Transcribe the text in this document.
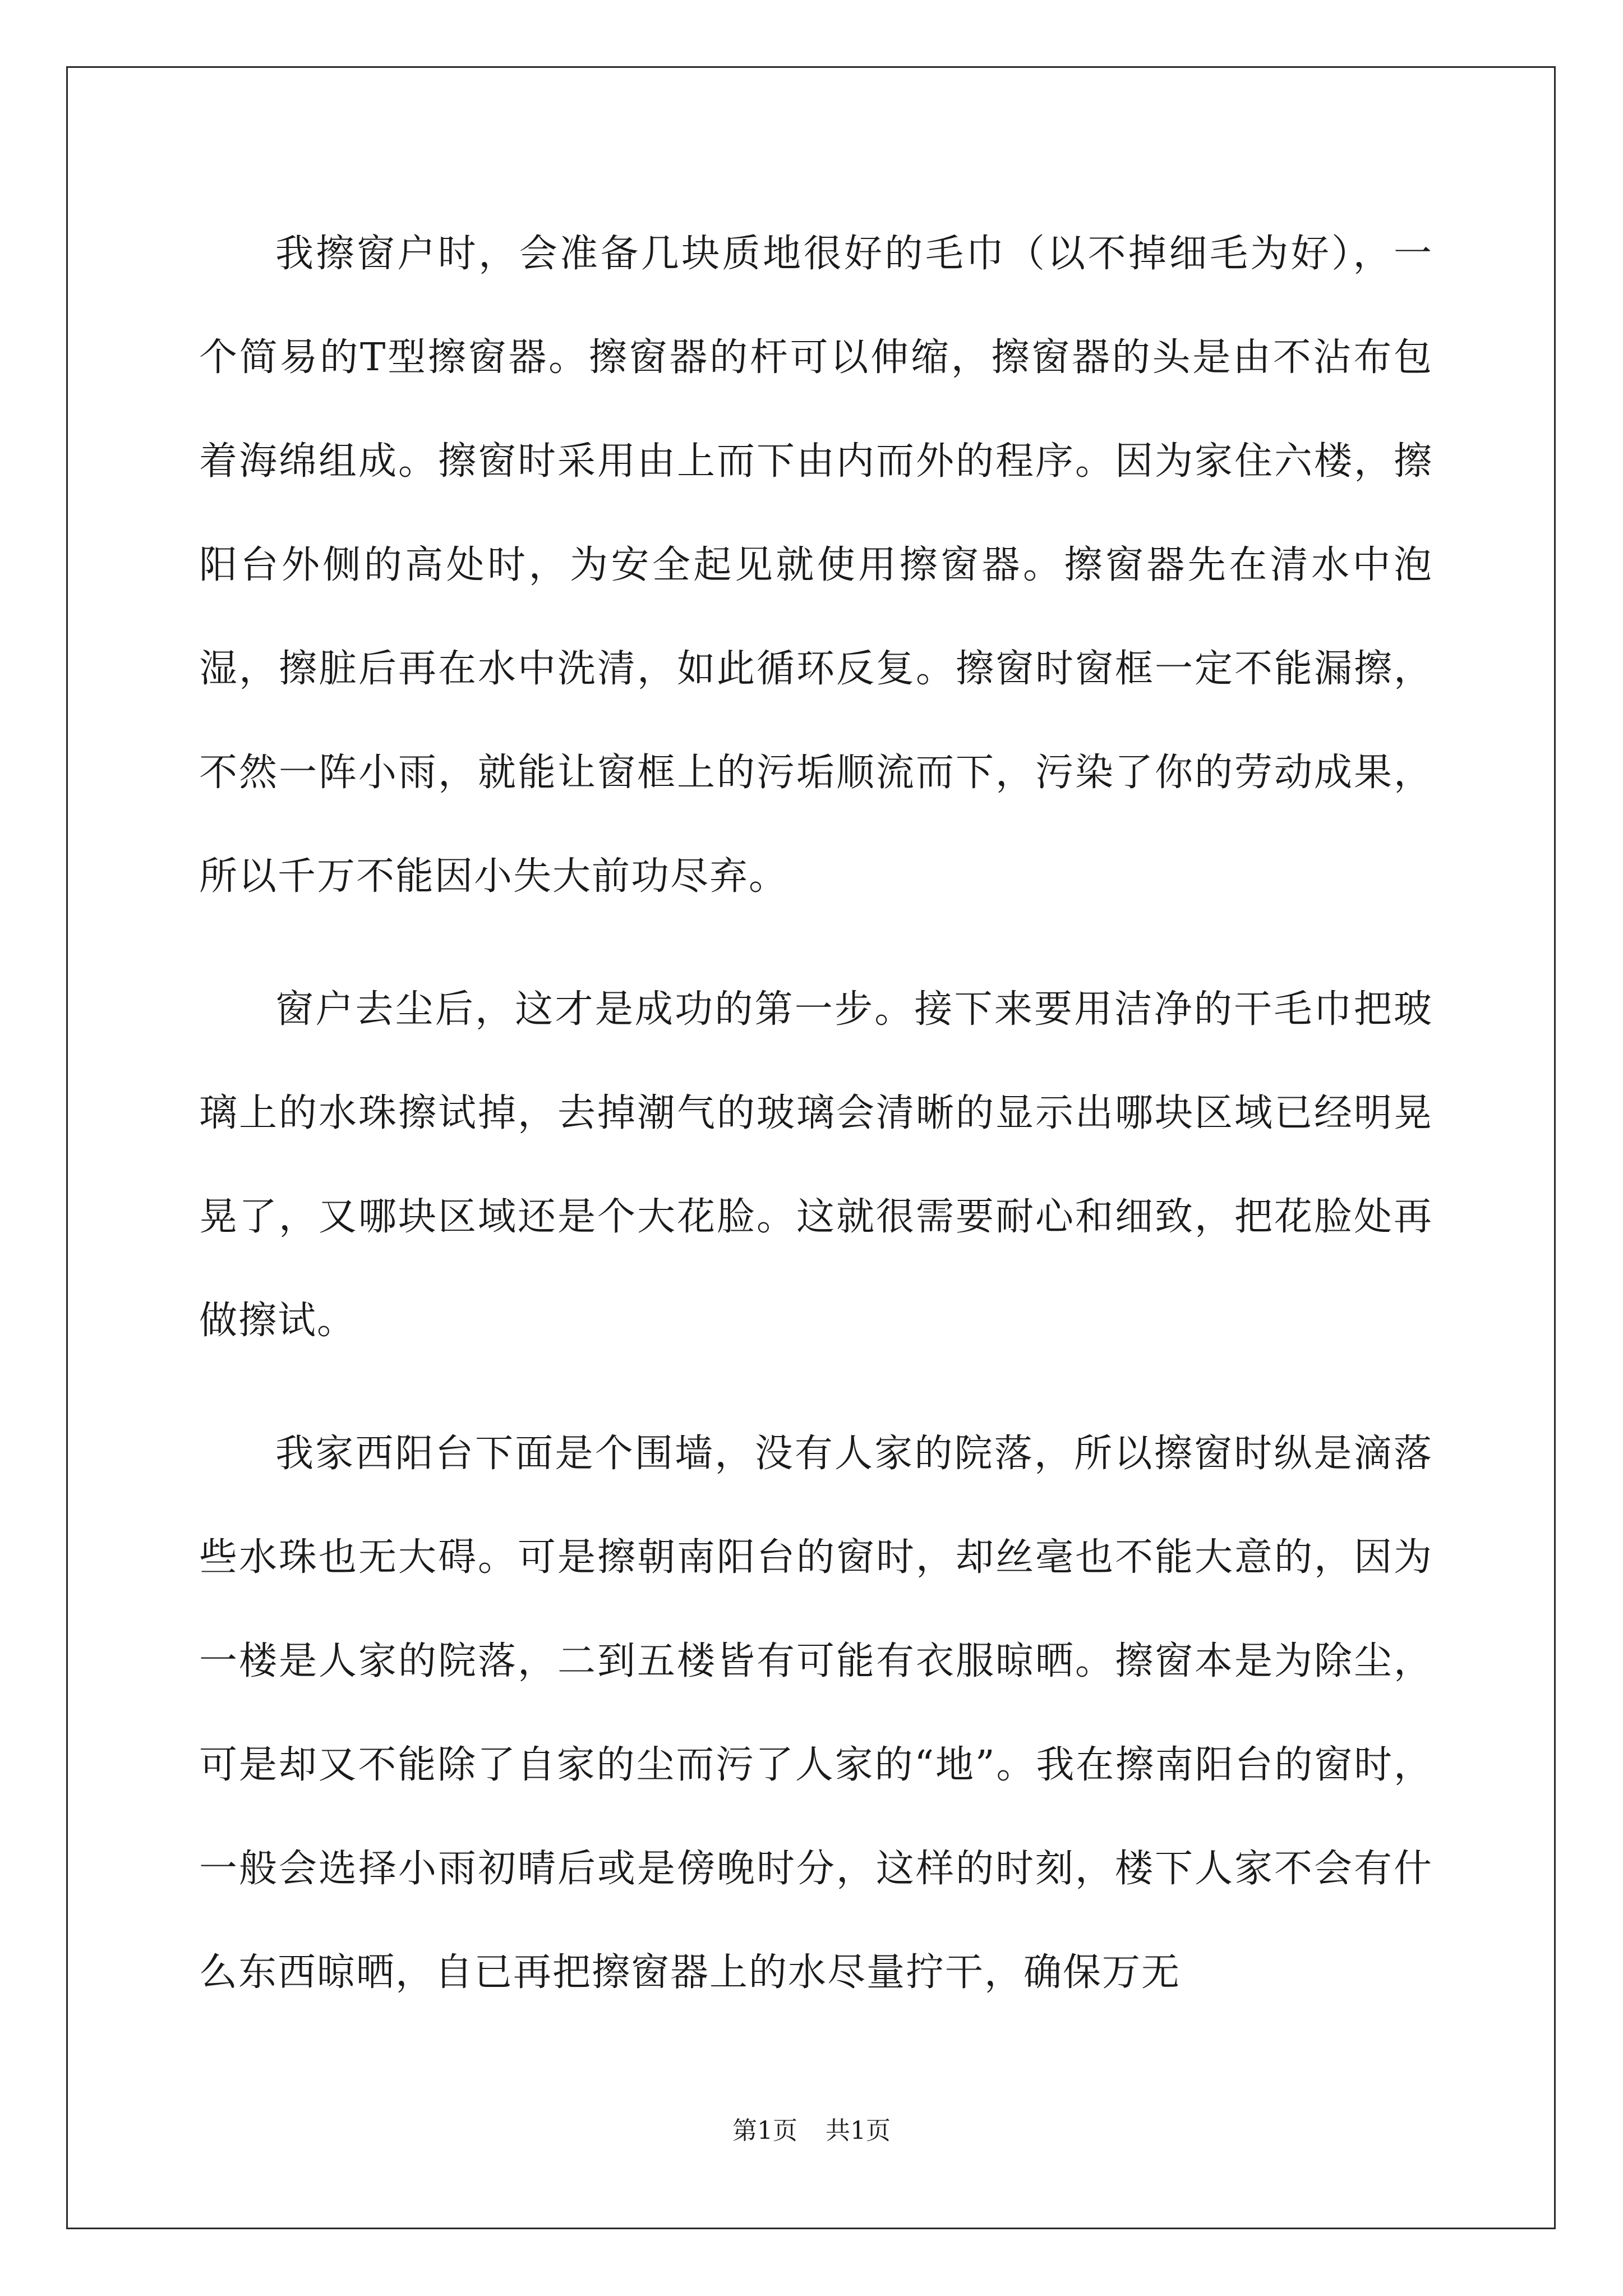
我擦窗户时，会准备几块质地很好的毛巾（以不掉细毛为好），一个简易的T型擦窗器。擦窗器的杆可以伸缩，擦窗器的头是由不沾布包着海绵组成。擦窗时采用由上而下由内而外的程序。因为家住六楼，擦阳台外侧的高处时，为安全起见就使用擦窗器。擦窗器先在清水中泡湿，擦脏后再在水中洗清，如此循环反复。擦窗时窗框一定不能漏擦，不然一阵小雨，就能让窗框上的污垢顺流而下，污染了你的劳动成果，所以千万不能因小失大前功尽弃。

窗户去尘后，这才是成功的第一步。接下来要用洁净的干毛巾把玻璃上的水珠擦试掉，去掉潮气的玻璃会清晰的显示出哪块区域已经明晃晃了，又哪块区域还是个大花脸。这就很需要耐心和细致，把花脸处再做擦试。

我家西阳台下面是个围墙，没有人家的院落，所以擦窗时纵是滴落些水珠也无大碍。可是擦朝南阳台的窗时，却丝毫也不能大意的，因为一楼是人家的院落，二到五楼皆有可能有衣服晾晒。擦窗本是为除尘，可是却又不能除了自家的尘而污了人家的“地”。我在擦南阳台的窗时，一般会选择小雨初晴后或是傍晚时分，这样的时刻，楼下人家不会有什么东西晾晒，自已再把擦窗器上的水尽量拧干，确保万无

第1页 共1页
